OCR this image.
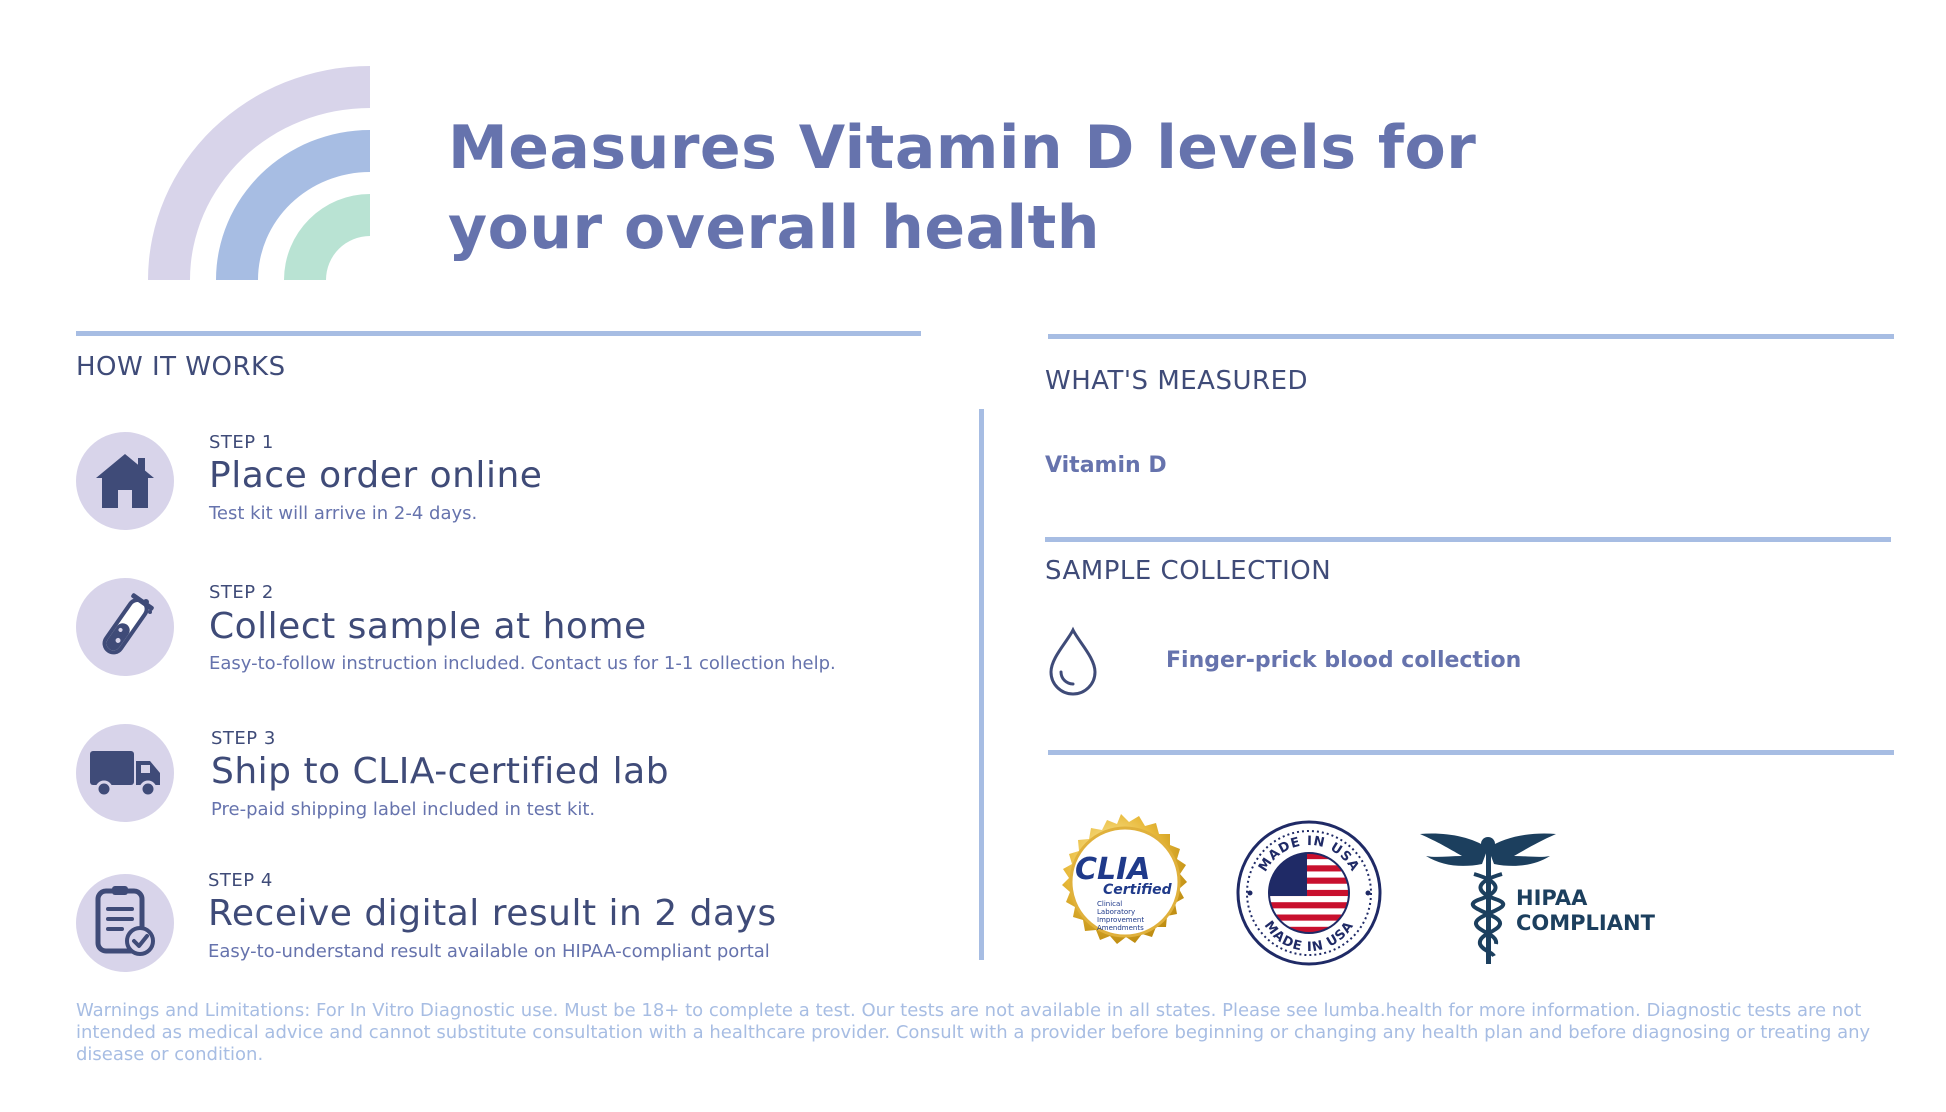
Measures Vitamin D levels for
your overall health
HOW IT WORKS
STEP 1
Place order online
Test kit will arrive in 2-4 days.
STEP 2
Collect sample at home
Easy-to-follow instruction included. Contact us for 1-1 collection help.
STEP 3
Ship to CLIA-certified lab
Pre-paid shipping label included in test kit.
STEP 4
Receive digital result in 2 days
Easy-to-understand result available on HIPAA-compliant portal
WHAT'S MEASURED
Vitamin D
SAMPLE COLLECTION
Finger-prick blood collection
CLIA
Certified
Clinical
Laboratory
Improvement
Amendments
MADE IN USA
MADE IN USA
HIPAA
COMPLIANT
Warnings and Limitations: For In Vitro Diagnostic use. Must be 18+ to complete a test. Our tests are not available in all states. Please see lumba.health for more information. Diagnostic tests are not intended as medical advice and cannot substitute consultation with a healthcare provider. Consult with a provider before beginning or changing any health plan and before diagnosing or treating any disease or condition.
